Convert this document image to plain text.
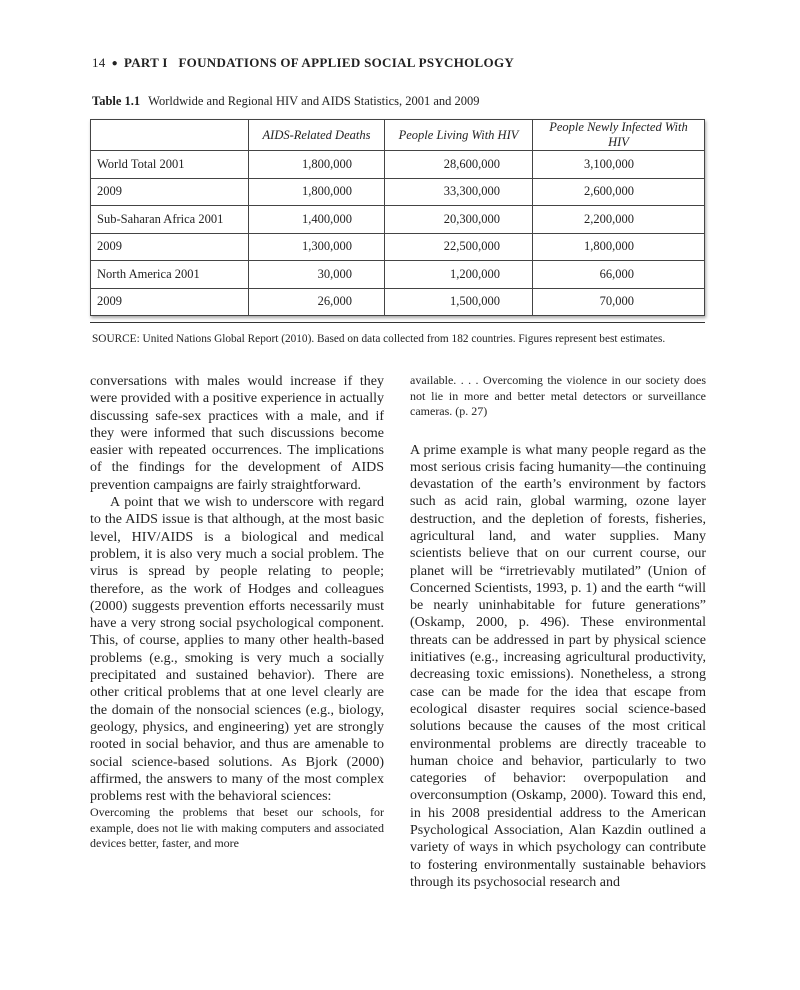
14 ● PART I   FOUNDATIONS OF APPLIED SOCIAL PSYCHOLOGY
Table 1.1 Worldwide and Regional HIV and AIDS Statistics, 2001 and 2009
	AIDS-Related Deaths	People Living With HIV	People Newly Infected With HIV
World Total 2001	1,800,000	28,600,000	3,100,000
2009	1,800,000	33,300,000	2,600,000
Sub-Saharan Africa 2001	1,400,000	20,300,000	2,200,000
2009	1,300,000	22,500,000	1,800,000
North America 2001	30,000	1,200,000	66,000
2009	26,000	1,500,000	70,000
SOURCE: United Nations Global Report (2010). Based on data collected from 182 countries. Figures represent best estimates.

conversations with males would increase if they were provided with a positive experience in actually discussing safe-sex practices with a male, and if they were informed that such discussions become easier with repeated occurrences. The implications of the findings for the development of AIDS prevention campaigns are fairly straightforward.

A point that we wish to underscore with regard to the AIDS issue is that although, at the most basic level, HIV/AIDS is a biological and medical problem, it is also very much a social problem. The virus is spread by people relating to people; therefore, as the work of Hodges and colleagues (2000) suggests prevention efforts necessarily must have a very strong social psychological component. This, of course, applies to many other health-based problems (e.g., smoking is very much a socially precipitated and sustained behavior). There are other critical problems that at one level clearly are the domain of the nonsocial sciences (e.g., biology, geology, physics, and engineering) yet are strongly rooted in social behavior, and thus are amenable to social science-based solutions. As Bjork (2000) affirmed, the answers to many of the most complex problems rest with the behavioral sciences:

Overcoming the problems that beset our schools, for example, does not lie with making computers and associated devices better, faster, and more

available. . . . Overcoming the violence in our society does not lie in more and better metal detectors or surveillance cameras. (p. 27)

A prime example is what many people regard as the most serious crisis facing humanity—the continuing devastation of the earth’s environment by factors such as acid rain, global warming, ozone layer destruction, and the depletion of forests, fisheries, agricultural land, and water supplies. Many scientists believe that on our current course, our planet will be “irretrievably mutilated” (Union of Concerned Scientists, 1993, p. 1) and the earth “will be nearly uninhabitable for future generations” (Oskamp, 2000, p. 496). These environmental threats can be addressed in part by physical science initiatives (e.g., increasing agricultural productivity, decreasing toxic emissions). Nonetheless, a strong case can be made for the idea that escape from ecological disaster requires social science-based solutions because the causes of the most critical environmental problems are directly traceable to human choice and behavior, particularly to two categories of behavior: overpopulation and overconsumption (Oskamp, 2000). Toward this end, in his 2008 presidential address to the American Psychological Association, Alan Kazdin outlined a variety of ways in which psychology can contribute to fostering environmentally sustainable behaviors through its psychosocial research and
